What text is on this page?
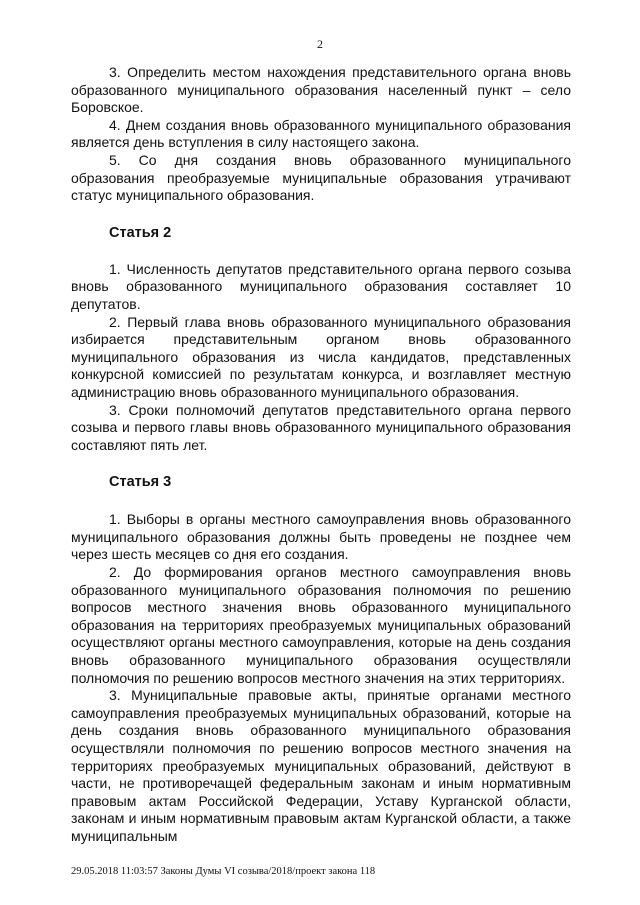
2

3. Определить местом нахождения представительного органа вновь образованного муниципального образования населенный пункт – село Боровское.

4. Днем создания вновь образованного муниципального образования является день вступления в силу настоящего закона.

5. Со дня создания вновь образованного муниципального образования преобразуемые муниципальные образования утрачивают статус муниципального образования.

Статья 2

1. Численность депутатов представительного органа первого созыва вновь образованного муниципального образования составляет 10 депутатов.

2. Первый глава вновь образованного муниципального образования избирается представительным органом вновь образованного муниципального образования из числа кандидатов, представленных конкурсной комиссией по результатам конкурса, и возглавляет местную администрацию вновь образованного муниципального образования.

3. Сроки полномочий депутатов представительного органа первого созыва и первого главы вновь образованного муниципального образования составляют пять лет.

Статья 3

1. Выборы в органы местного самоуправления вновь образованного муниципального образования должны быть проведены не позднее чем через шесть месяцев со дня его создания.

2. До формирования органов местного самоуправления вновь образованного муниципального образования полномочия по решению вопросов местного значения вновь образованного муниципального образования на территориях преобразуемых муниципальных образований осуществляют органы местного самоуправления, которые на день создания вновь образованного муниципального образования осуществляли полномочия по решению вопросов местного значения на этих территориях.

3. Муниципальные правовые акты, принятые органами местного самоуправления преобразуемых муниципальных образований, которые на день создания вновь образованного муниципального образования осуществляли полномочия по решению вопросов местного значения на территориях преобразуемых муниципальных образований, действуют в части, не противоречащей федеральным законам и иным нормативным правовым актам Российской Федерации, Уставу Курганской области, законам и иным нормативным правовым актам Курганской области, а также муниципальным

29.05.2018 11:03:57 Законы Думы VI созыва/2018/проект закона 118
